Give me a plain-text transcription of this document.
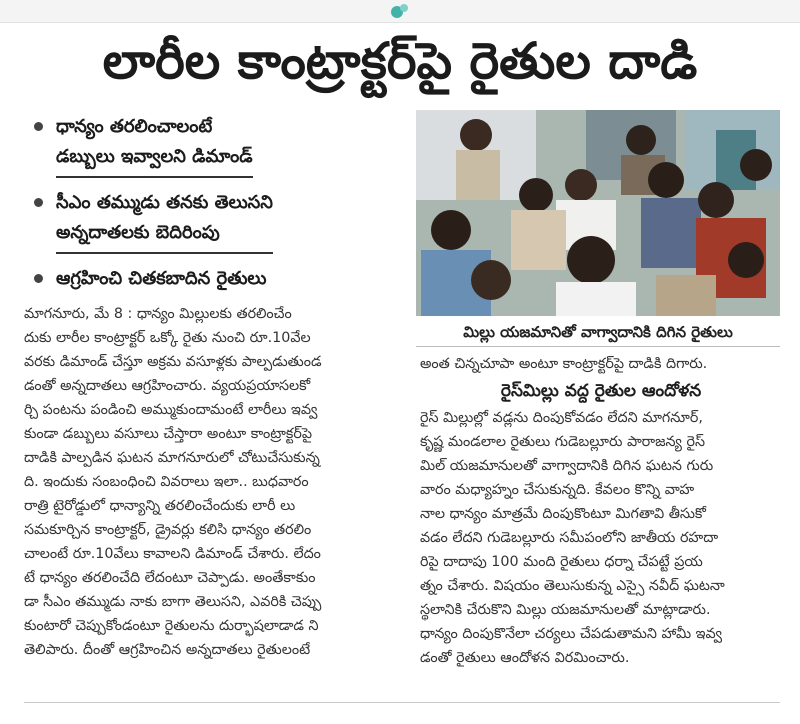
లారీల కాంట్రాక్టర్‌పై రైతుల దాడి
ధాన్యం తరలించాలంటే
డబ్బులు ఇవ్వాలని డిమాండ్
సీఎం తమ్ముడు తనకు తెలుసని
అన్నదాతలకు బెదిరింపు
ఆగ్రహించి చితకబాదిన రైతులు
మిల్లు యజమానితో వాగ్వాదానికి దిగిన రైతులు
మాగనూరు, మే 8 : ధాన్యం మిల్లులకు తరలించేం
దుకు లారీల కాంట్రాక్టర్ ఒక్కో రైతు నుంచి రూ.10వేల
వరకు డిమాండ్ చేస్తూ అక్రమ వసూళ్లకు పాల్పడుతుండ
డంతో అన్నదాతలు ఆగ్రహించారు. వ్యయప్రయాసలకో
ర్చి పంటను పండించి అమ్ముకుందామంటే లారీలు ఇవ్వ
కుండా డబ్బులు వసూలు చేస్తారా అంటూ కాంట్రాక్టర్‌పై
దాడికి పాల్పడిన ఘటన మాగనూరులో చోటుచేసుకున్న
ది. ఇందుకు సంబంధించి వివరాలు ఇలా.. బుధవారం
రాత్రి టైరోడ్డులో ధాన్యాన్ని తరలించేందుకు లారీ లు
సమకూర్చిన కాంట్రాక్టర్, డ్రైవర్లు కలిసి ధాన్యం తరలిం
చాలంటే రూ.10వేలు కావాలని డిమాండ్ చేశారు. లేదం
టే ధాన్యం తరలించేది లేదంటూ చెప్పాడు. అంతేకాకుం
డా సీఎం తమ్ముడు నాకు బాగా తెలుసని, ఎవరికి చెప్పు
కుంటారో చెప్పుకోండంటూ రైతులను దుర్భాషలాడాడ ని
తెలిపారు. దీంతో ఆగ్రహించిన అన్నదాతలు రైతులంటే
అంత చిన్నచూపా అంటూ కాంట్రాక్టర్‌పై దాడికి దిగారు.
రైస్‌మిల్లు వద్ద రైతుల ఆందోళన
రైస్ మిల్లుల్లో వడ్లను దింపుకోవడం లేదని మాగనూర్,
కృష్ణ మండలాల రైతులు గుడెబల్లూరు పారాజన్య రైస్
మిల్ యజమానులతో వాగ్వాదానికి దిగిన ఘటన గురు
వారం మధ్యాహ్నం చేసుకున్నది. కేవలం కొన్ని వాహ
నాల ధాన్యం మాత్రమే దింపుకొంటూ మిగతావి తీసుకో
వడం లేదని గుడెబల్లూరు సమీపంలోని జాతీయ రహదా
రిపై దాదాపు 100 మంది రైతులు ధర్నా చేపట్టే ప్రయ
త్నం చేశారు. విషయం తెలుసుకున్న ఎస్సై నవీద్ ఘటనా
స్థలానికి చేరుకొని మిల్లు యజమానులతో మాట్లాడారు.
ధాన్యం దింపుకొనేలా చర్యలు చేపడుతామని హామీ ఇవ్వ
డంతో రైతులు ఆందోళన విరమించారు.
